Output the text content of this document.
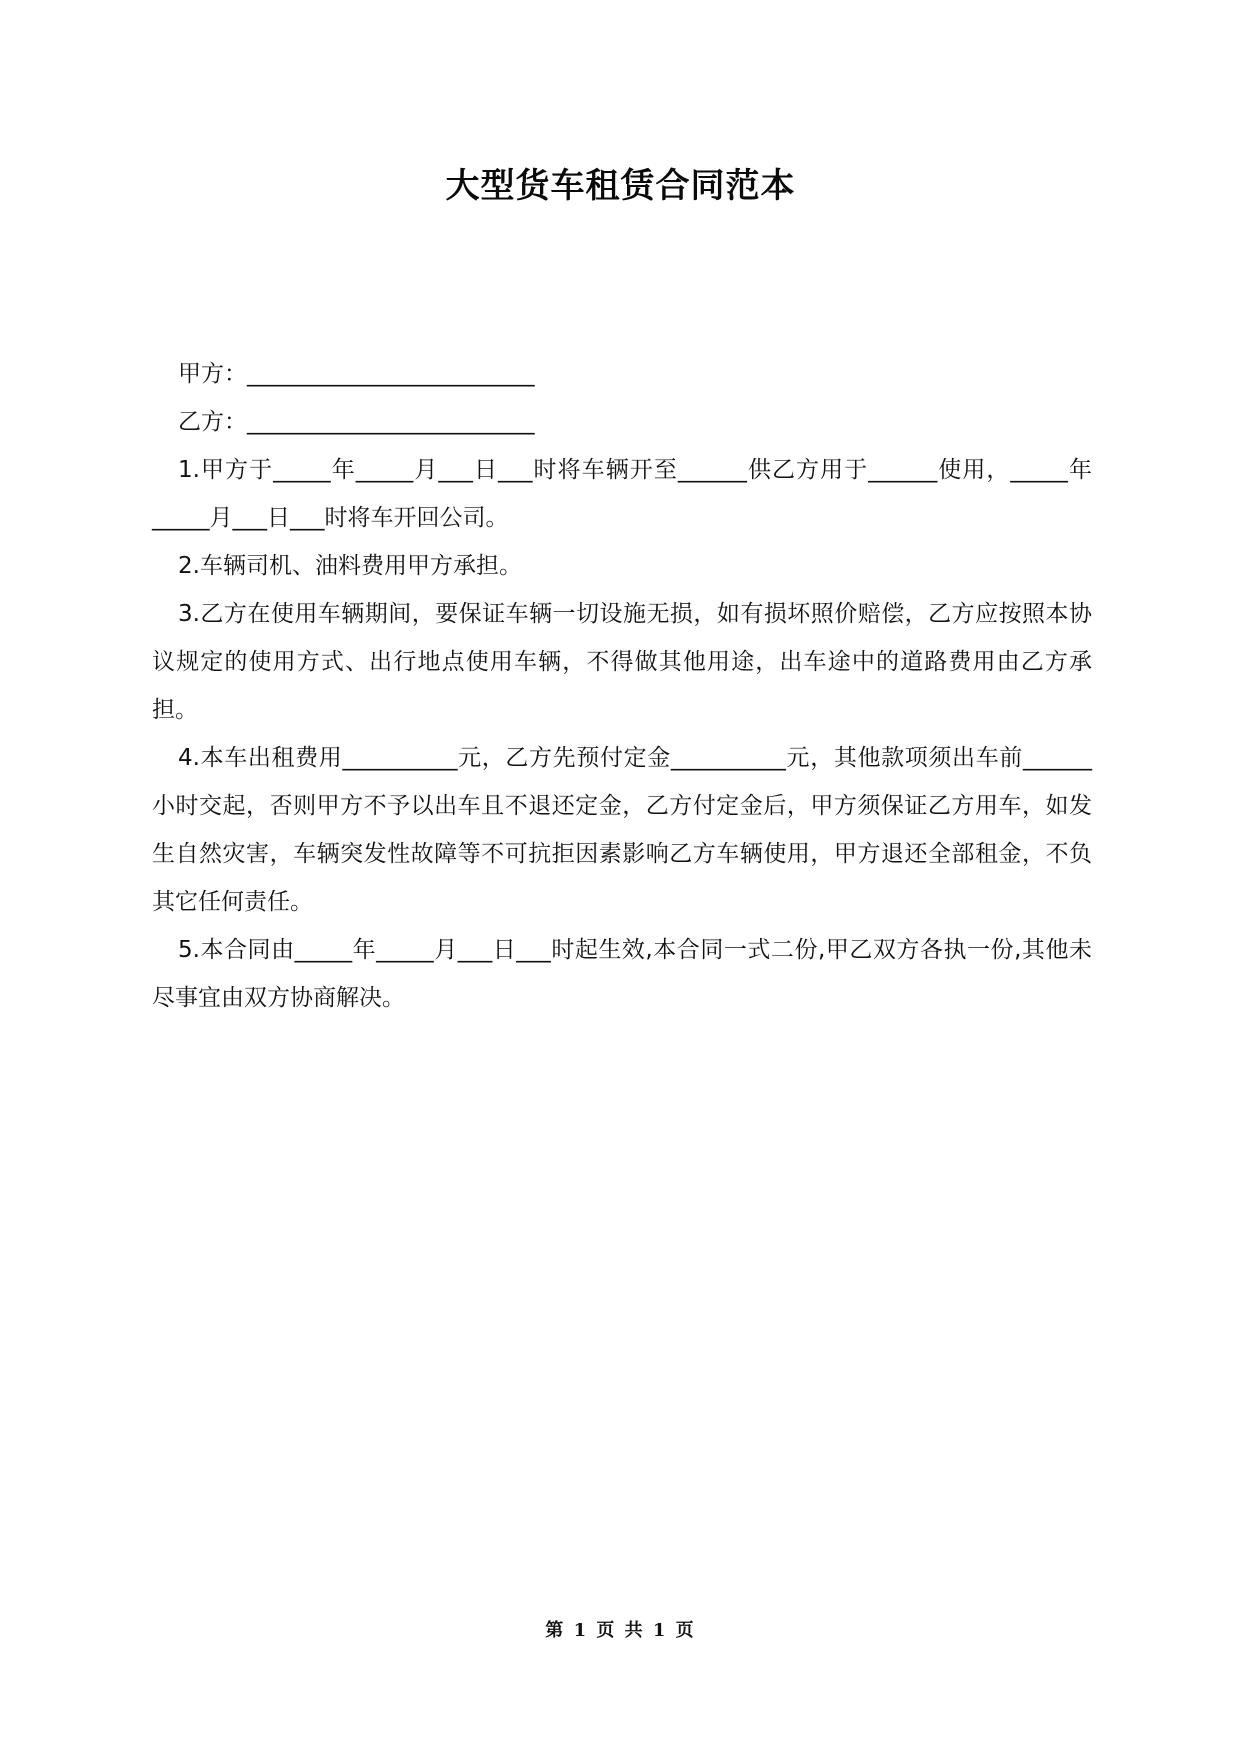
大型货车租赁合同范本

甲方：_________________________

乙方：_________________________

1.甲方于_____年_____月___日___时将车辆开至______供乙方用于______使用，_____年_____月___日___时将车开回公司。

2.车辆司机、油料费用甲方承担。

3.乙方在使用车辆期间，要保证车辆一切设施无损，如有损坏照价赔偿，乙方应按照本协议规定的使用方式、出行地点使用车辆，不得做其他用途，出车途中的道路费用由乙方承担。

4.本车出租费用__________元，乙方先预付定金__________元，其他款项须出车前______小时交起，否则甲方不予以出车且不退还定金，乙方付定金后，甲方须保证乙方用车，如发生自然灾害，车辆突发性故障等不可抗拒因素影响乙方车辆使用，甲方退还全部租金，不负其它任何责任。

5.本合同由_____年_____月___日___时起生效,本合同一式二份,甲乙双方各执一份,其他未尽事宜由双方协商解决。

第 1 页 共 1 页
